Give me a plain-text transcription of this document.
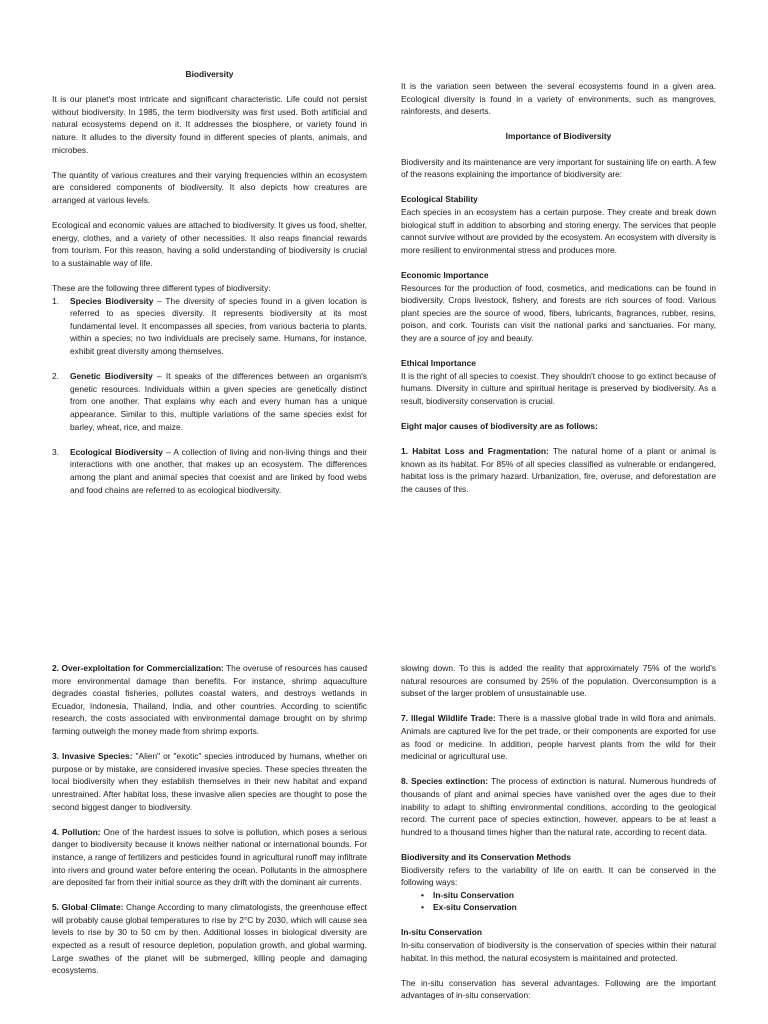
Biodiversity

It is our planet's most intricate and significant characteristic. Life could not persist without biodiversity. In 1985, the term biodiversity was first used. Both artificial and natural ecosystems depend on it. It addresses the biosphere, or variety found in nature. It alludes to the diversity found in different species of plants, animals, and microbes.

The quantity of various creatures and their varying frequencies within an ecosystem are considered components of biodiversity. It also depicts how creatures are arranged at various levels.

Ecological and economic values are attached to biodiversity. It gives us food, shelter, energy, clothes, and a variety of other necessities. It also reaps financial rewards from tourism. For this reason, having a solid understanding of biodiversity is crucial to a sustainable way of life.

These are the following three different types of biodiversity:
1.	Species Biodiversity – The diversity of species found in a given location is referred to as species diversity. It represents biodiversity at its most fundamental level. It encompasses all species, from various bacteria to plants, within a species; no two individuals are precisely same. Humans, for instance, exhibit great diversity among themselves.
2.	Genetic Biodiversity – It speaks of the differences between an organism's genetic resources. Individuals within a given species are genetically distinct from one another. That explains why each and every human has a unique appearance. Similar to this, multiple variations of the same species exist for barley, wheat, rice, and maize.
3.	Ecological Biodiversity – A collection of living and non-living things and their interactions with one another, that makes up an ecosystem. The differences among the plant and animal species that coexist and are linked by food webs and food chains are referred to as ecological biodiversity.

It is the variation seen between the several ecosystems found in a given area. Ecological diversity is found in a variety of environments, such as mangroves, rainforests, and deserts.

Importance of Biodiversity

Biodiversity and its maintenance are very important for sustaining life on earth. A few of the reasons explaining the importance of biodiversity are:

Ecological Stability

Each species in an ecosystem has a certain purpose. They create and break down biological stuff in addition to absorbing and storing energy. The services that people cannot survive without are provided by the ecosystem. An ecosystem with diversity is more resilient to environmental stress and produces more.

Economic Importance

Resources for the production of food, cosmetics, and medications can be found in biodiversity. Crops livestock, fishery, and forests are rich sources of food. Various plant species are the source of wood, fibers, lubricants, fragrances, rubber, resins, poison, and cork. Tourists can visit the national parks and sanctuaries. For many, they are a source of joy and beauty.

Ethical Importance

It is the right of all species to coexist. They shouldn't choose to go extinct because of humans. Diversity in culture and spiritual heritage is preserved by biodiversity. As a result, biodiversity conservation is crucial.

Eight major causes of biodiversity are as follows:

1. Habitat Loss and Fragmentation: The natural home of a plant or animal is known as its habitat. For 85% of all species classified as vulnerable or endangered, habitat loss is the primary hazard. Urbanization, fire, overuse, and deforestation are the causes of this.

2. Over-exploitation for Commercialization: The overuse of resources has caused more environmental damage than benefits. For instance, shrimp aquaculture degrades coastal fisheries, pollutes coastal waters, and destroys wetlands in Ecuador, Indonesia, Thailand, India, and other countries. According to scientific research, the costs associated with environmental damage brought on by shrimp farming outweigh the money made from shrimp exports.

3. Invasive Species: "Alien" or "exotic" species introduced by humans, whether on purpose or by mistake, are considered invasive species. These species threaten the local biodiversity when they establish themselves in their new habitat and expand unrestrained. After habitat loss, these invasive alien species are thought to pose the second biggest danger to biodiversity.

4. Pollution: One of the hardest issues to solve is pollution, which poses a serious danger to biodiversity because it knows neither national or international bounds. For instance, a range of fertilizers and pesticides found in agricultural runoff may infiltrate into rivers and ground water before entering the ocean. Pollutants in the atmosphere are deposited far from their initial source as they drift with the dominant air currents.

5. Global Climate: Change According to many climatologists, the greenhouse effect will probably cause global temperatures to rise by 2°C by 2030, which will cause sea levels to rise by 30 to 50 cm by then. Additional losses in biological diversity are expected as a result of resource depletion, population growth, and global warming. Large swathes of the planet will be submerged, killing people and damaging ecosystems.

slowing down. To this is added the reality that approximately 75% of the world's natural resources are consumed by 25% of the population. Overconsumption is a subset of the larger problem of unsustainable use.

7. Illegal Wildlife Trade: There is a massive global trade in wild flora and animals. Animals are captured live for the pet trade, or their components are exported for use as food or medicine. In addition, people harvest plants from the wild for their medicinal or agricultural use.

8. Species extinction: The process of extinction is natural. Numerous hundreds of thousands of plant and animal species have vanished over the ages due to their inability to adapt to shifting environmental conditions, according to the geological record. The current pace of species extinction, however, appears to be at least a hundred to a thousand times higher than the natural rate, according to recent data.

Biodiversity and its Conservation Methods
Biodiversity refers to the variability of life on earth. It can be conserved in the following ways:
• In-situ Conservation
• Ex-situ Conservation
In-situ Conservation

In-situ conservation of biodiversity is the conservation of species within their natural habitat. In this method, the natural ecosystem is maintained and protected.

The in-situ conservation has several advantages. Following are the important advantages of in-situ conservation:
